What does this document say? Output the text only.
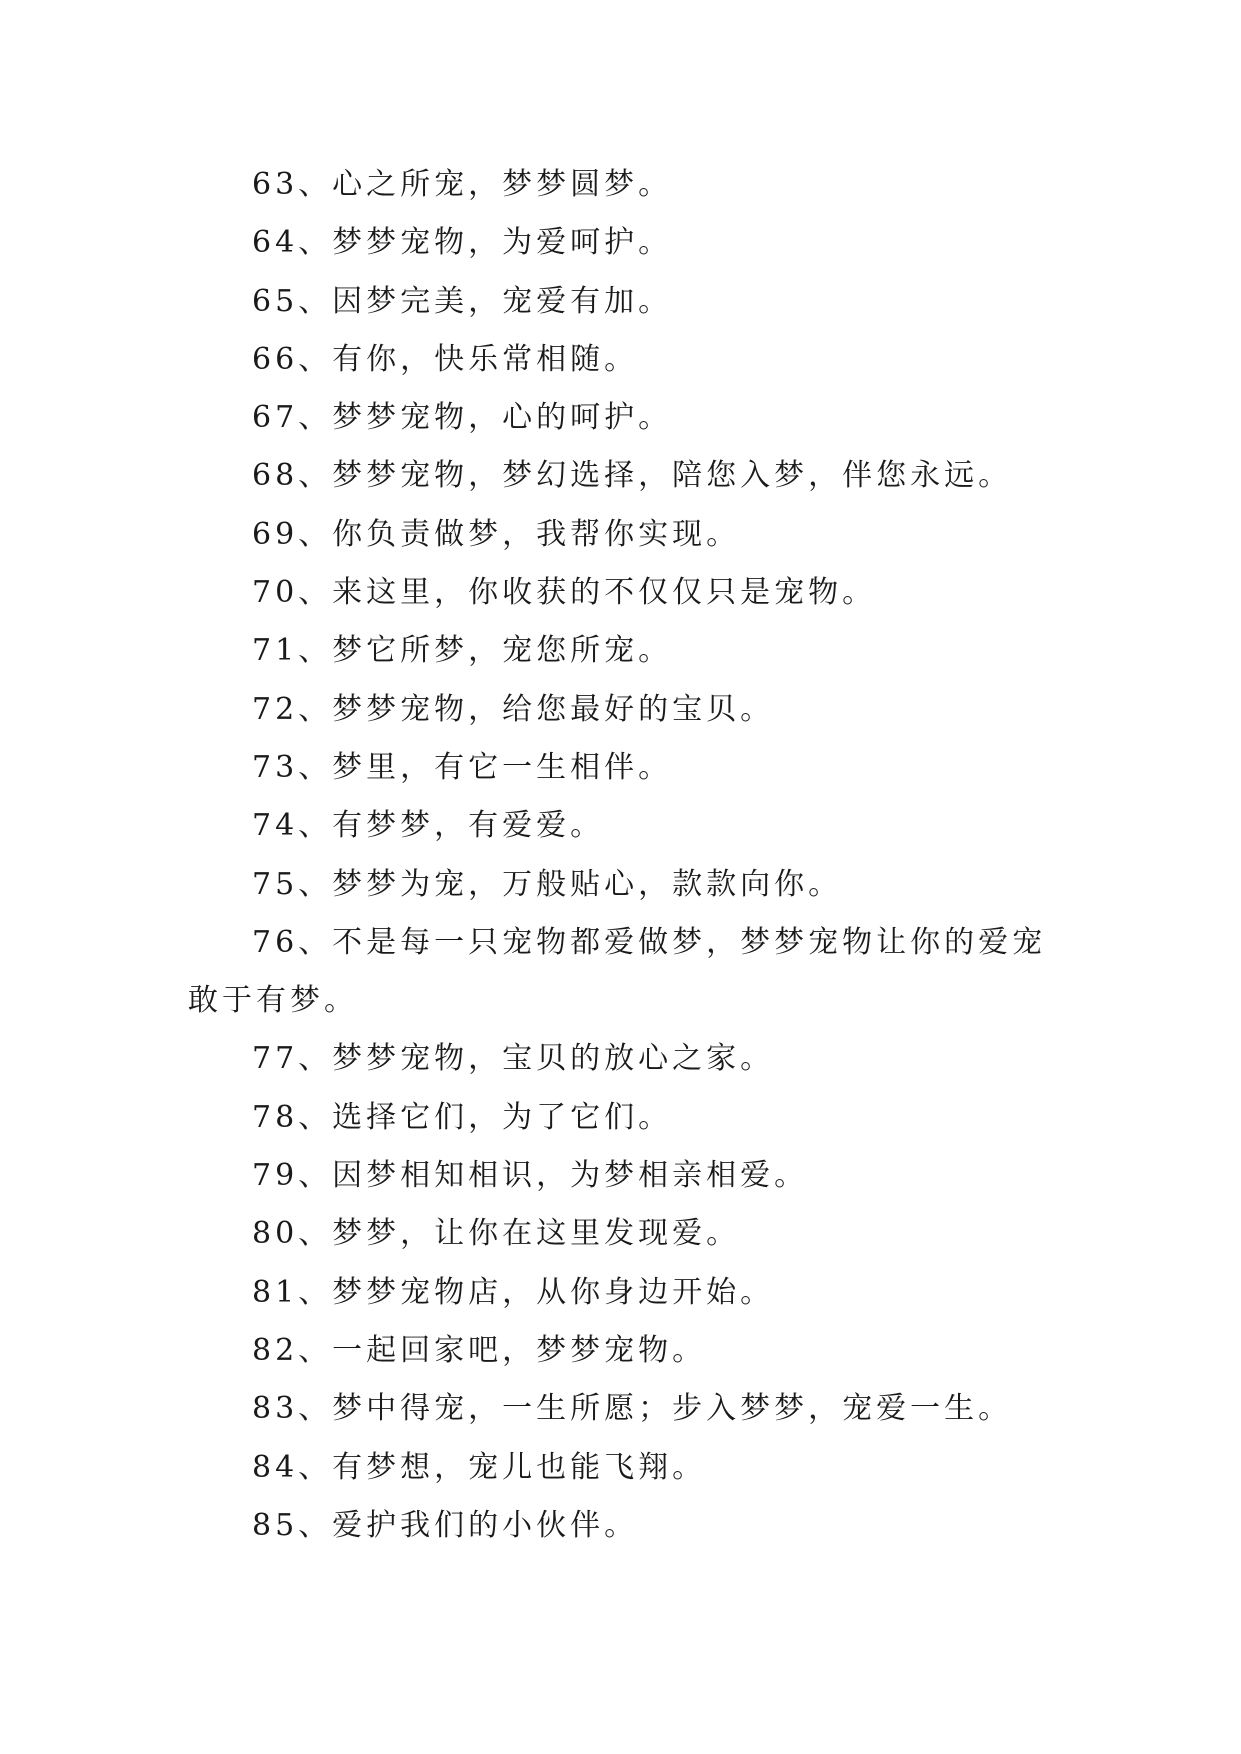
63、心之所宠，梦梦圆梦。

64、梦梦宠物，为爱呵护。

65、因梦完美，宠爱有加。

66、有你，快乐常相随。

67、梦梦宠物，心的呵护。

68、梦梦宠物，梦幻选择，陪您入梦，伴您永远。

69、你负责做梦，我帮你实现。

70、来这里，你收获的不仅仅只是宠物。

71、梦它所梦，宠您所宠。

72、梦梦宠物，给您最好的宝贝。

73、梦里，有它一生相伴。

74、有梦梦，有爱爱。

75、梦梦为宠，万般贴心，款款向你。

76、不是每一只宠物都爱做梦，梦梦宠物让你的爱宠敢于有梦。

77、梦梦宠物，宝贝的放心之家。

78、选择它们，为了它们。

79、因梦相知相识，为梦相亲相爱。

80、梦梦，让你在这里发现爱。

81、梦梦宠物店，从你身边开始。

82、一起回家吧，梦梦宠物。

83、梦中得宠，一生所愿；步入梦梦，宠爱一生。

84、有梦想，宠儿也能飞翔。

85、爱护我们的小伙伴。
